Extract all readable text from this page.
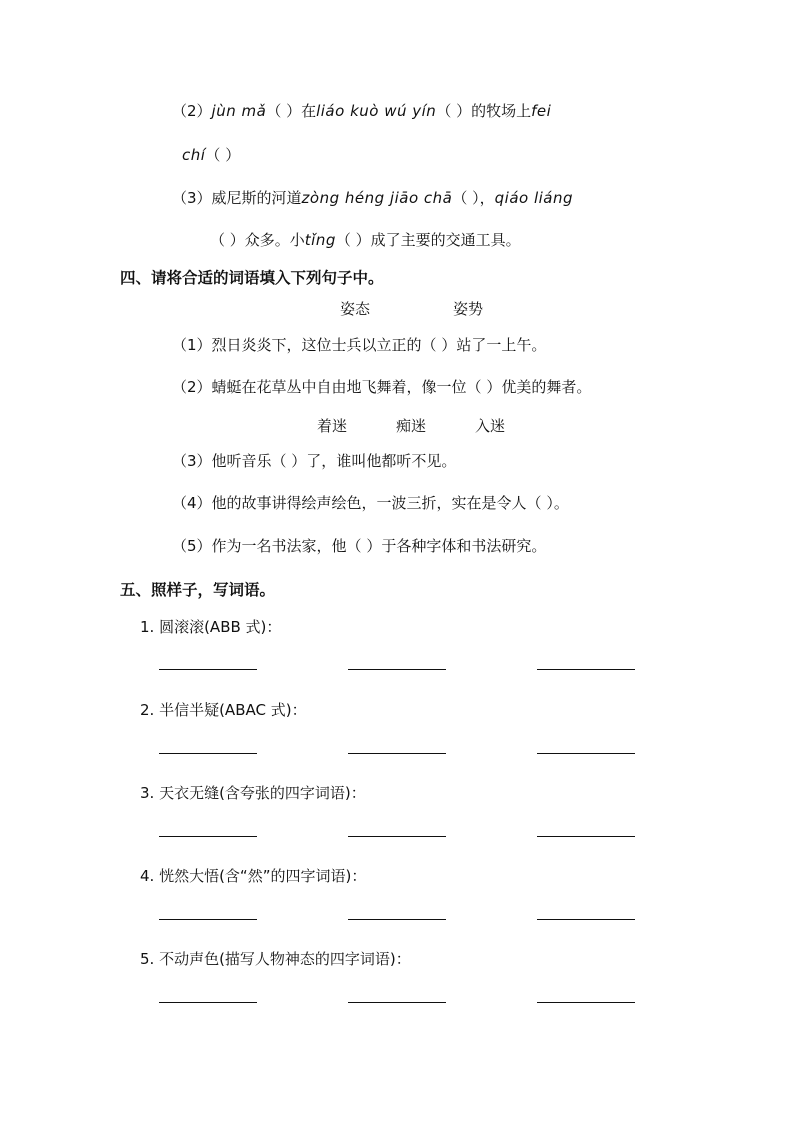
（2）jùn mǎ（ ）在liáo kuò wú yín（ ）的牧场上fei
chí（ ）
（3）威尼斯的河道zòng héng jiāo chā（ ），qiáo liáng
（ ）众多。小tǐng（ ）成了主要的交通工具。
四、请将合适的词语填入下列句子中。
姿态	姿势
（1）烈日炎炎下，这位士兵以立正的（ ）站了一上午。
（2）蜻蜓在花草丛中自由地飞舞着，像一位（ ）优美的舞者。
着迷	痴迷	入迷
（3）他听音乐（ ）了，谁叫他都听不见。
（4）他的故事讲得绘声绘色，一波三折，实在是令人（ ）。
（5）作为一名书法家，他（ ）于各种字体和书法研究。
五、照样子，写词语。
1. 圆滚滚(ABB 式)：
2. 半信半疑(ABAC 式)：
3. 天衣无缝(含夸张的四字词语)：
4. 恍然大悟(含“然”的四字词语)：
5. 不动声色(描写人物神态的四字词语)：
